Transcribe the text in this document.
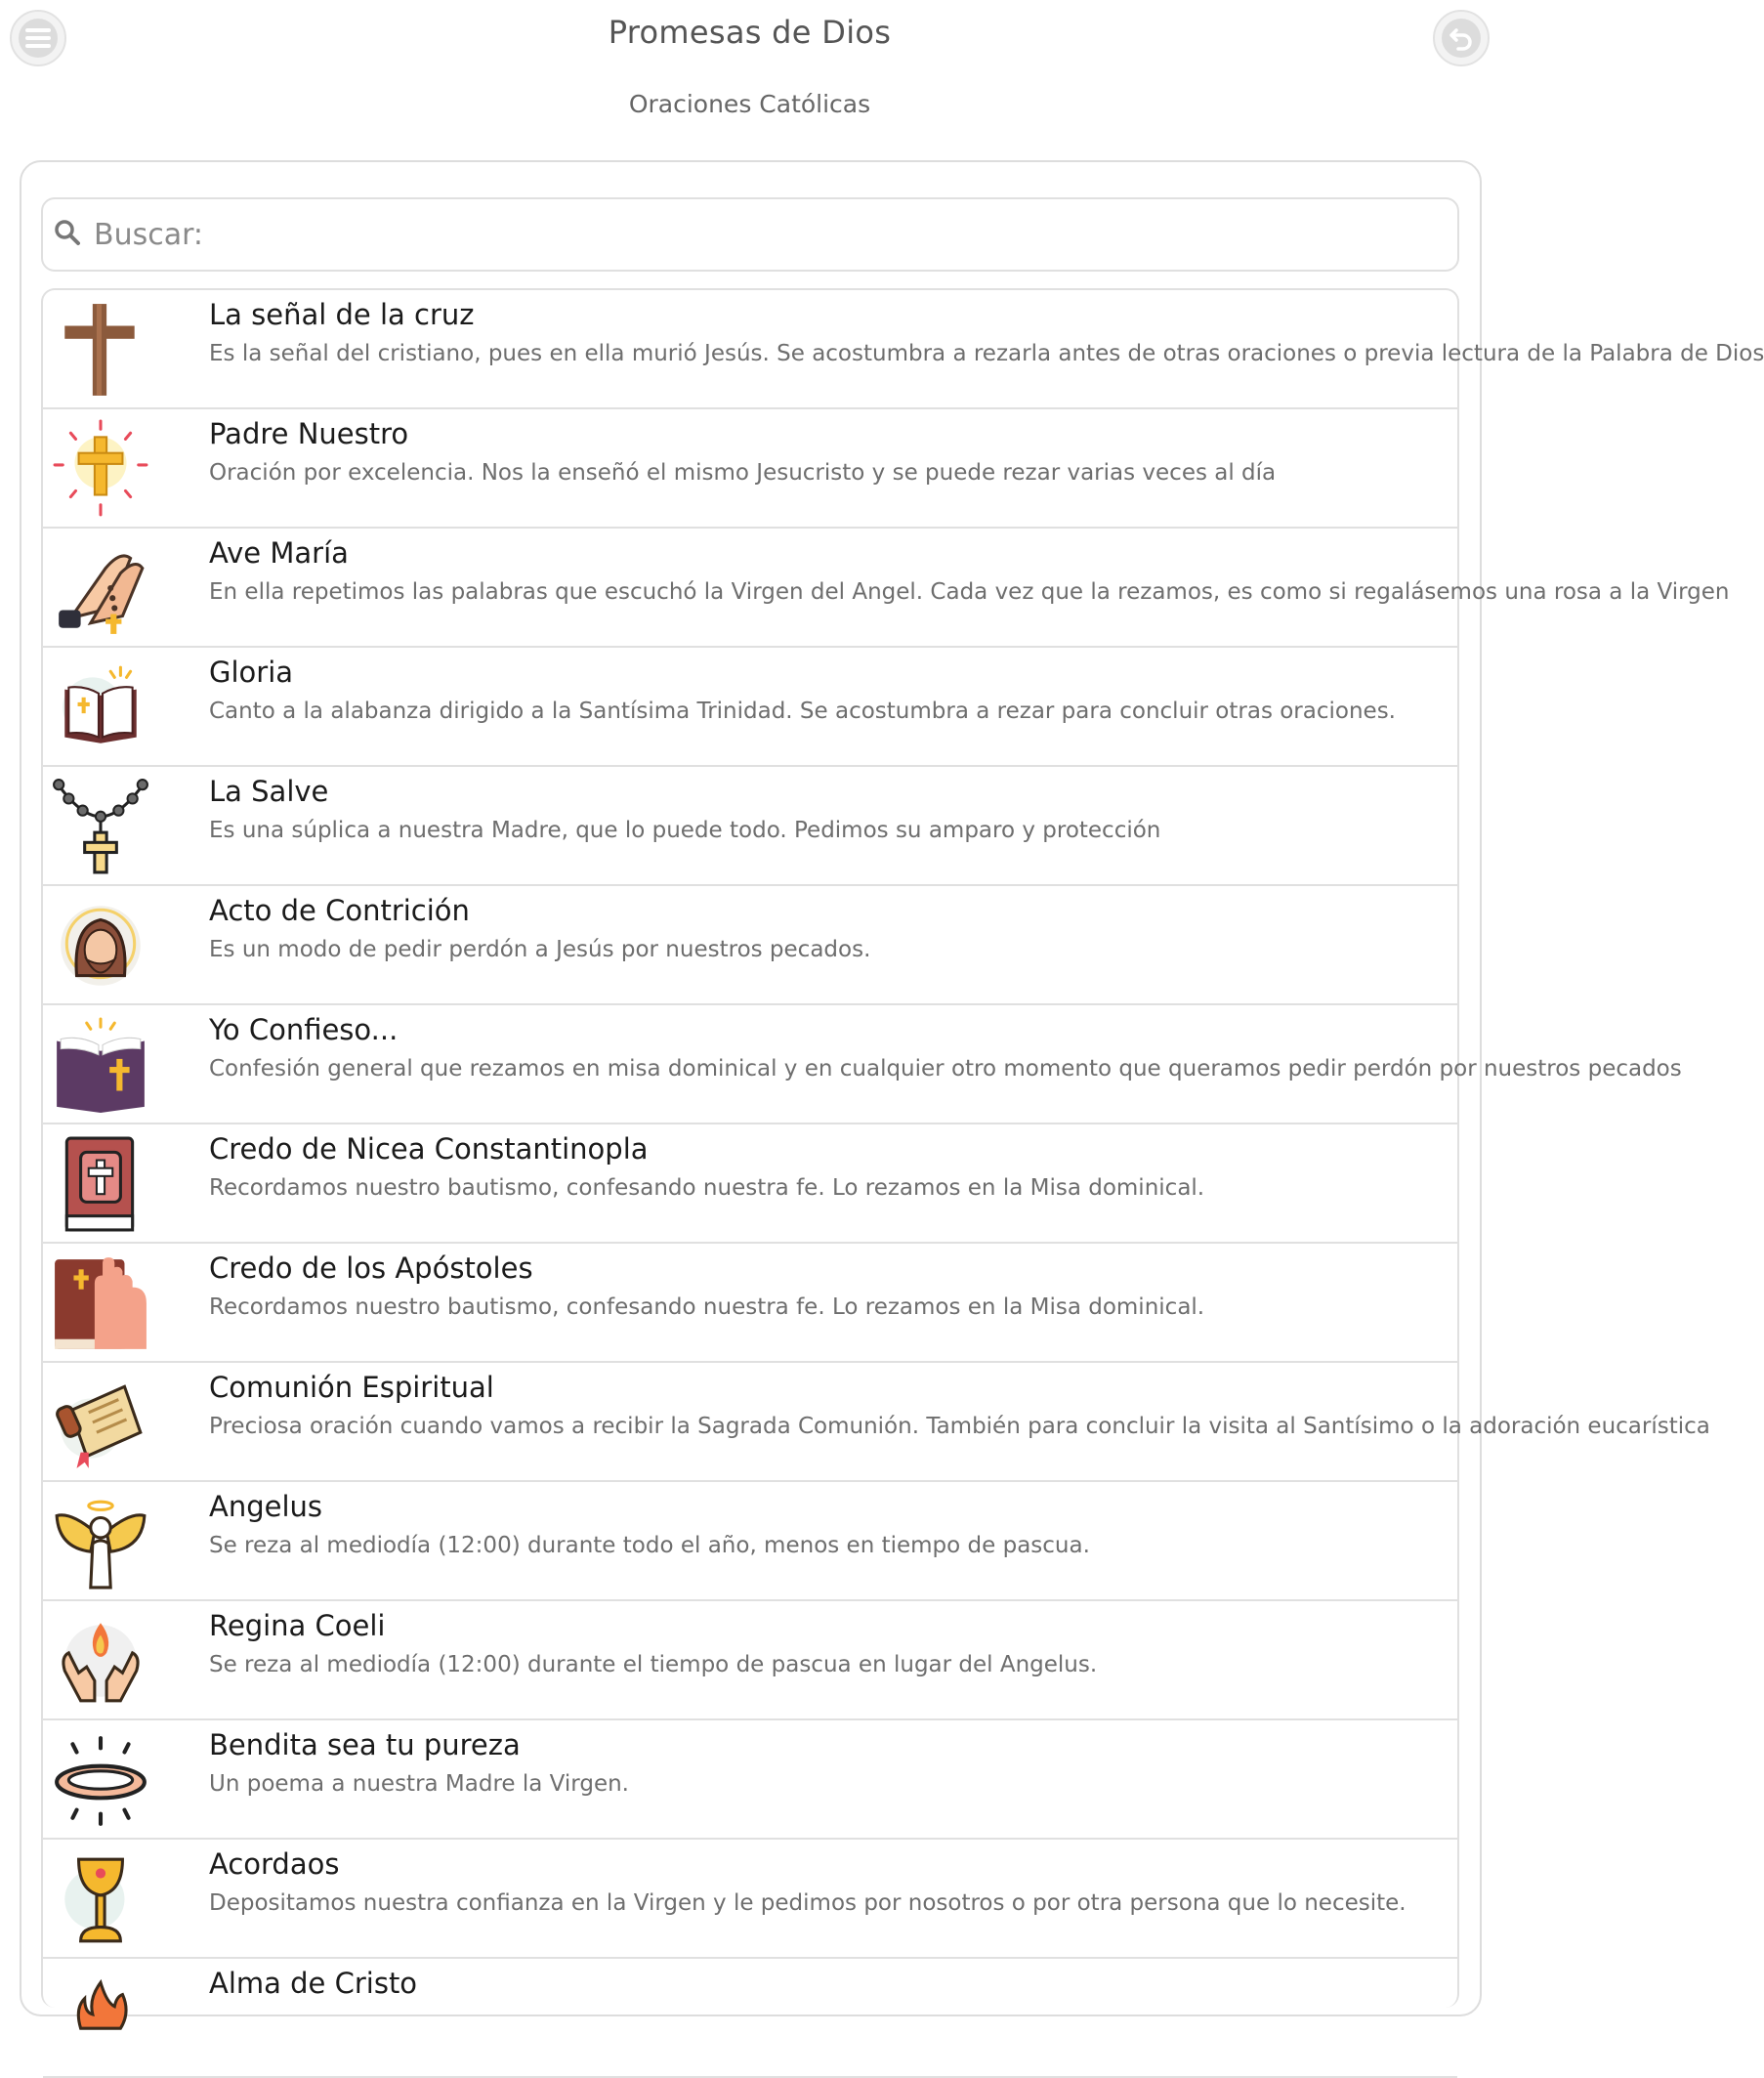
Promesas de Dios
Oraciones Católicas
Buscar:
La señal de la cruz
Es la señal del cristiano, pues en ella murió Jesús. Se acostumbra a rezarla antes de otras oraciones o previa lectura de la Palabra de Dios
Padre Nuestro
Oración por excelencia. Nos la enseñó el mismo Jesucristo y se puede rezar varias veces al día
Ave María
En ella repetimos las palabras que escuchó la Virgen del Angel. Cada vez que la rezamos, es como si regalásemos una rosa a la Virgen
Gloria
Canto a la alabanza dirigido a la Santísima Trinidad. Se acostumbra a rezar para concluir otras oraciones.
La Salve
Es una súplica a nuestra Madre, que lo puede todo. Pedimos su amparo y protección
Acto de Contrición
Es un modo de pedir perdón a Jesús por nuestros pecados.
Yo Confieso...
Confesión general que rezamos en misa dominical y en cualquier otro momento que queramos pedir perdón por nuestros pecados
Credo de Nicea Constantinopla
Recordamos nuestro bautismo, confesando nuestra fe. Lo rezamos en la Misa dominical.
Credo de los Apóstoles
Recordamos nuestro bautismo, confesando nuestra fe. Lo rezamos en la Misa dominical.
Comunión Espiritual
Preciosa oración cuando vamos a recibir la Sagrada Comunión. También para concluir la visita al Santísimo o la adoración eucarística
Angelus
Se reza al mediodía (12:00) durante todo el año, menos en tiempo de pascua.
Regina Coeli
Se reza al mediodía (12:00) durante el tiempo de pascua en lugar del Angelus.
Bendita sea tu pureza
Un poema a nuestra Madre la Virgen.
Acordaos
Depositamos nuestra confianza en la Virgen y le pedimos por nosotros o por otra persona que lo necesite.
Alma de Cristo
